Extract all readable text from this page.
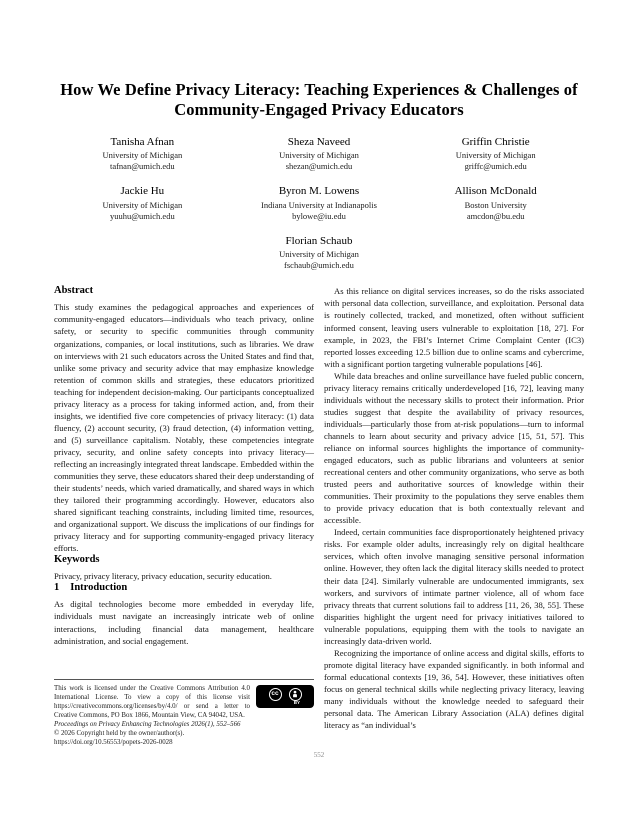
How We Define Privacy Literacy: Teaching Experiences & Challenges of Community-Engaged Privacy Educators
Tanisha Afnan
University of Michigan
tafnan@umich.edu
Sheza Naveed
University of Michigan
shezan@umich.edu
Griffin Christie
University of Michigan
griffc@umich.edu
Jackie Hu
University of Michigan
yuuhu@umich.edu
Byron M. Lowens
Indiana University at Indianapolis
bylowe@iu.edu
Allison McDonald
Boston University
amcdon@bu.edu
Florian Schaub
University of Michigan
fschaub@umich.edu
Abstract

This study examines the pedagogical approaches and experiences of community-engaged educators—individuals who teach privacy, online safety, or security to specific communities through community organizations, companies, or local institutions, such as libraries. We draw on interviews with 21 such educators across the United States and find that, unlike some privacy and security advice that may emphasize knowledge retention of common skills and strategies, these educators prioritized teaching for independent decision-making. Our participants conceptualized privacy literacy as a process for taking informed action, and, from their insights, we identified five core competencies of privacy literacy: (1) data fluency, (2) account security, (3) fraud detection, (4) information vetting, and (5) surveillance capitalism. Notably, these competencies integrate privacy, security, and online safety concepts into privacy literacy—reflecting an increasingly integrated threat landscape. Embedded within the communities they serve, these educators shared their deep understanding of their students’ needs, which varied dramatically, and shared ways in which they tailored their programming accordingly. However, educators also shared significant teaching constraints, including limited time, resources, and organizational support. We discuss the implications of our findings for privacy literacy and for supporting community-engaged privacy literacy efforts.

Keywords

Privacy, privacy literacy, privacy education, security education.

1 Introduction

As digital technologies become more embedded in everyday life, individuals must navigate an increasingly intricate web of online interactions, including financial data management, healthcare administration, and social engagement.

cc
BY

This work is licensed under the Creative Commons Attribution 4.0 International License. To view a copy of this license visit https://creativecommons.org/licenses/by/4.0/ or send a letter to Creative Commons, PO Box 1866, Mountain View, CA 94042, USA.

Proceedings on Privacy Enhancing Technologies 2026(1), 552–566

© 2026 Copyright held by the owner/author(s).

https://doi.org/10.56553/popets-2026-0028

As this reliance on digital services increases, so do the risks associated with personal data collection, surveillance, and exploitation. Personal data is routinely collected, tracked, and monetized, often without sufficient informed consent, leaving users vulnerable to exploitation [18, 27]. For example, in 2023, the FBI’s Internet Crime Complaint Center (IC3) reported losses exceeding 12.5 billion due to online scams and cybercrime, with a significant portion targeting vulnerable populations [46].

While data breaches and online surveillance have fueled public concern, privacy literacy remains critically underdeveloped [16, 72], leaving many individuals without the necessary skills to protect their information. Prior studies suggest that despite the availability of privacy resources, individuals—particularly those from at-risk populations—turn to informal channels to learn about security and privacy advice [15, 51, 57]. This reliance on informal sources highlights the importance of community-engaged educators, such as public librarians and volunteers at senior recreational centers and other community organizations, who serve as both trusted peers and authoritative sources of knowledge within their communities. Their proximity to the populations they serve enables them to provide privacy education that is both contextually relevant and accessible.

Indeed, certain communities face disproportionately heightened privacy risks. For example older adults, increasingly rely on digital healthcare services, which often involve managing sensitive personal information online. However, they often lack the digital literacy skills needed to protect their data [24]. Similarly vulnerable are undocumented immigrants, sex workers, and survivors of intimate partner violence, all of whom face privacy threats that current solutions fail to address [11, 26, 38, 55]. These disparities highlight the urgent need for privacy initiatives tailored to vulnerable populations, equipping them with the tools to navigate an increasingly data-driven world.

Recognizing the importance of online access and digital skills, efforts to promote digital literacy have expanded significantly. in both informal and formal educational contexts [19, 36, 54]. However, these initiatives often focus on general technical skills while neglecting privacy literacy, leaving many individuals without the knowledge needed to safeguard their personal data. The American Library Association (ALA) defines digital literacy as “an individual’s

552
